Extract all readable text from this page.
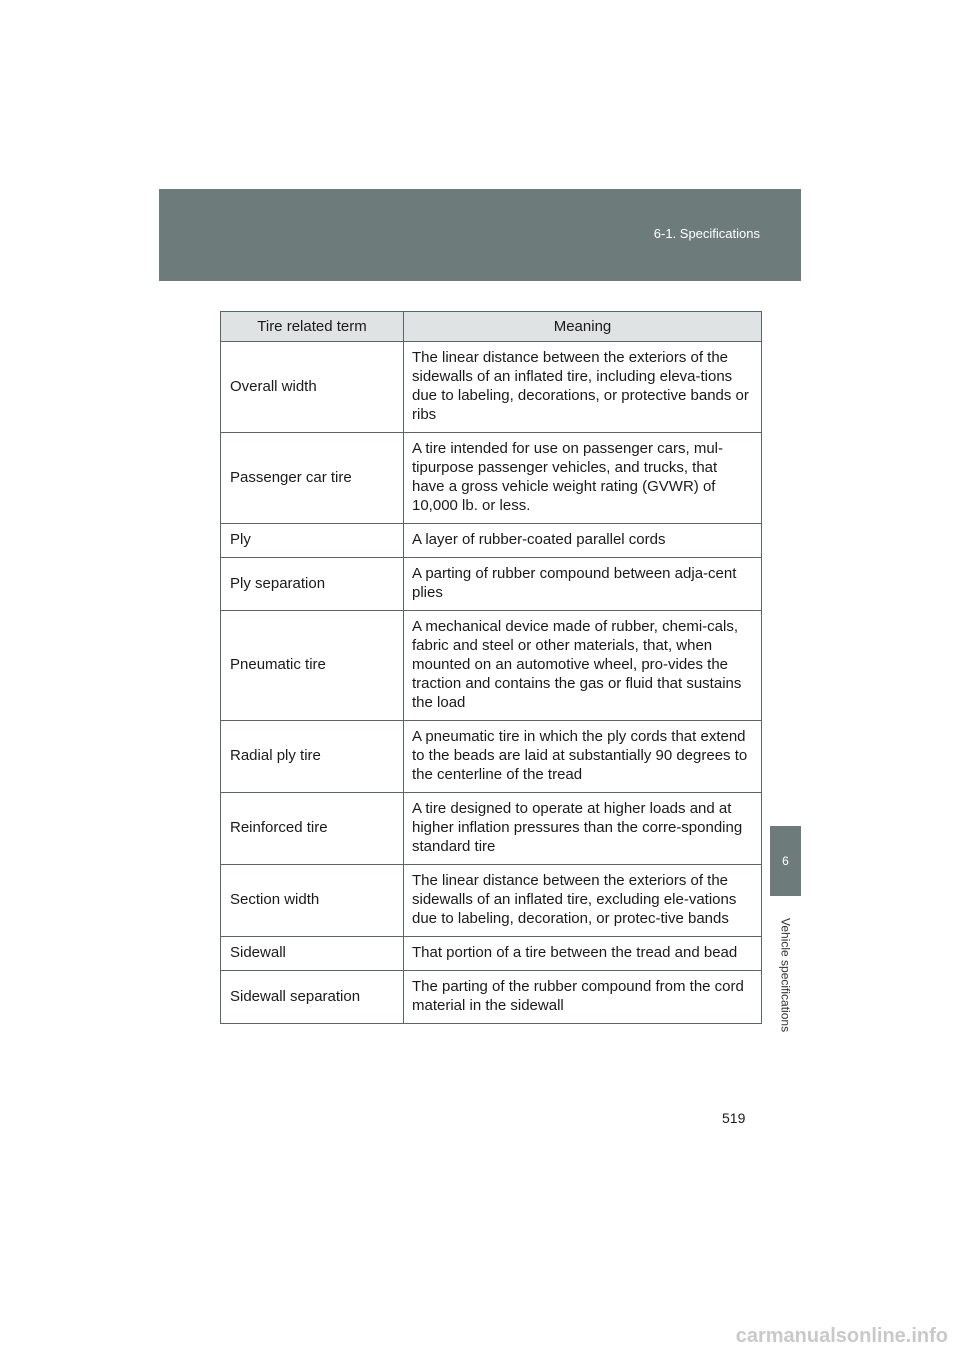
6-1. Specifications
6
Vehicle specifications
Tire related term	Meaning
Overall width	The linear distance between the exteriors of the sidewalls of an inflated tire, including eleva-tions due to labeling, decorations, or protective bands or ribs
Passenger car tire	A tire intended for use on passenger cars, mul-tipurpose passenger vehicles, and trucks, that have a gross vehicle weight rating (GVWR) of 10,000 lb. or less.
Ply	A layer of rubber-coated parallel cords
Ply separation	A parting of rubber compound between adja-cent plies
Pneumatic tire	A mechanical device made of rubber, chemi-cals, fabric and steel or other materials, that, when mounted on an automotive wheel, pro-vides the traction and contains the gas or fluid that sustains the load
Radial ply tire	A pneumatic tire in which the ply cords that extend to the beads are laid at substantially 90 degrees to the centerline of the tread
Reinforced tire	A tire designed to operate at higher loads and at higher inflation pressures than the corre-sponding standard tire
Section width	The linear distance between the exteriors of the sidewalls of an inflated tire, excluding ele-vations due to labeling, decoration, or protec-tive bands
Sidewall	That portion of a tire between the tread and bead
Sidewall separation	The parting of the rubber compound from the cord material in the sidewall
519
carmanualsonline.info
